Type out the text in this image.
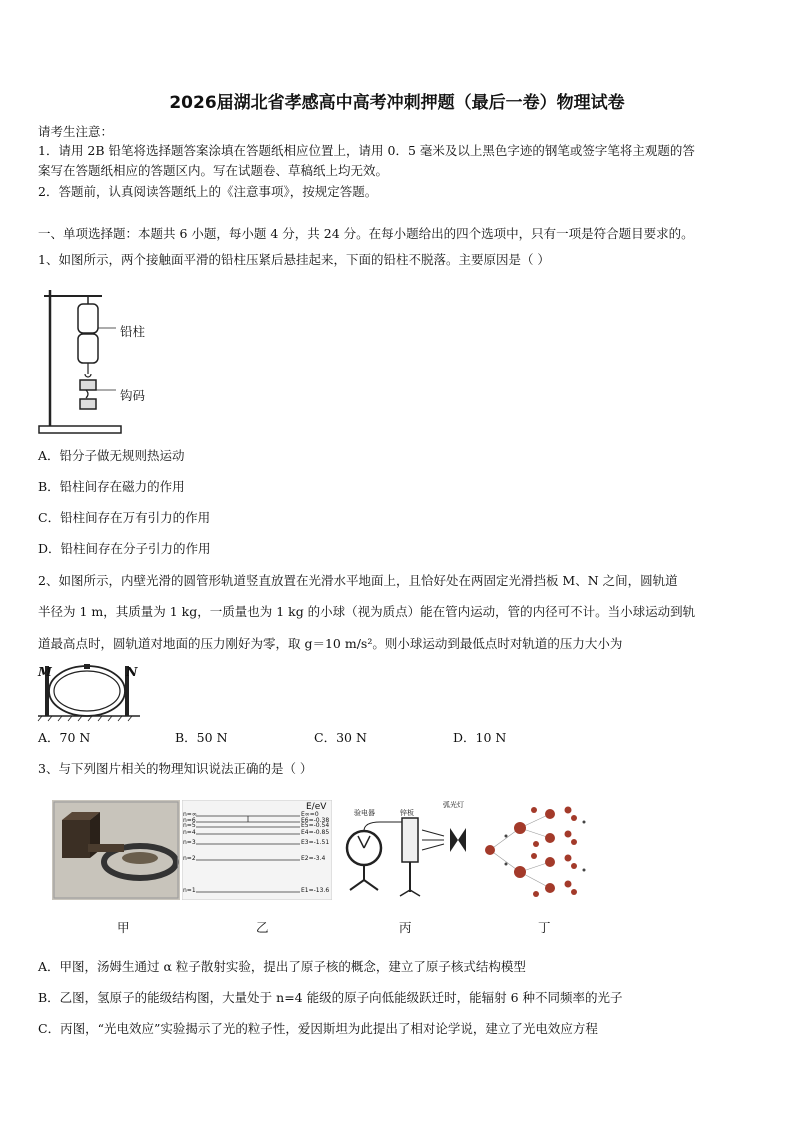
2026届湖北省孝感高中高考冲刺押题（最后一卷）物理试卷
请考生注意：
1．请用 2B 铅笔将选择题答案涂填在答题纸相应位置上，请用 0．5 毫米及以上黑色字迹的钢笔或签字笔将主观题的答
案写在答题纸相应的答题区内。写在试题卷、草稿纸上均无效。
2．答题前，认真阅读答题纸上的《注意事项》，按规定答题。
一、单项选择题：本题共 6 小题，每小题 4 分，共 24 分。在每小题给出的四个选项中，只有一项是符合题目要求的。
1、如图所示，两个接触面平滑的铅柱压紧后悬挂起来，下面的铅柱不脱落。主要原因是（ ）
铅柱
钩码
A．铅分子做无规则热运动
B．铅柱间存在磁力的作用
C．铅柱间存在万有引力的作用
D．铅柱间存在分子引力的作用
2、如图所示，内壁光滑的圆管形轨道竖直放置在光滑水平地面上，且恰好处在两固定光滑挡板 M、N 之间，圆轨道
半径为 1 m，其质量为 1 kg，一质量也为 1 kg 的小球（视为质点）能在管内运动，管的内径可不计。当小球运动到轨
道最高点时，圆轨道对地面的压力刚好为零，取 g＝10 m/s²。则小球运动到最低点时对轨道的压力大小为
M	N
A．70 N	B．50 N	C．30 N	D．10 N
3、与下列图片相关的物理知识说法正确的是（ ）
E/eV
n=∞
n=6
n=5
n=4
n=3
n=2
n=1
E∞=0
E6=-0.38
E5=-0.54
E4=-0.85
E3=-1.51
E2=-3.4
E1=-13.6
验电器	锌板
弧光灯
甲	乙	丙	丁
A．甲图，汤姆生通过 α 粒子散射实验，提出了原子核的概念，建立了原子核式结构模型
B．乙图，氢原子的能级结构图，大量处于 n=4 能级的原子向低能级跃迁时，能辐射 6 种不同频率的光子
C．丙图，“光电效应”实验揭示了光的粒子性，爱因斯坦为此提出了相对论学说，建立了光电效应方程
